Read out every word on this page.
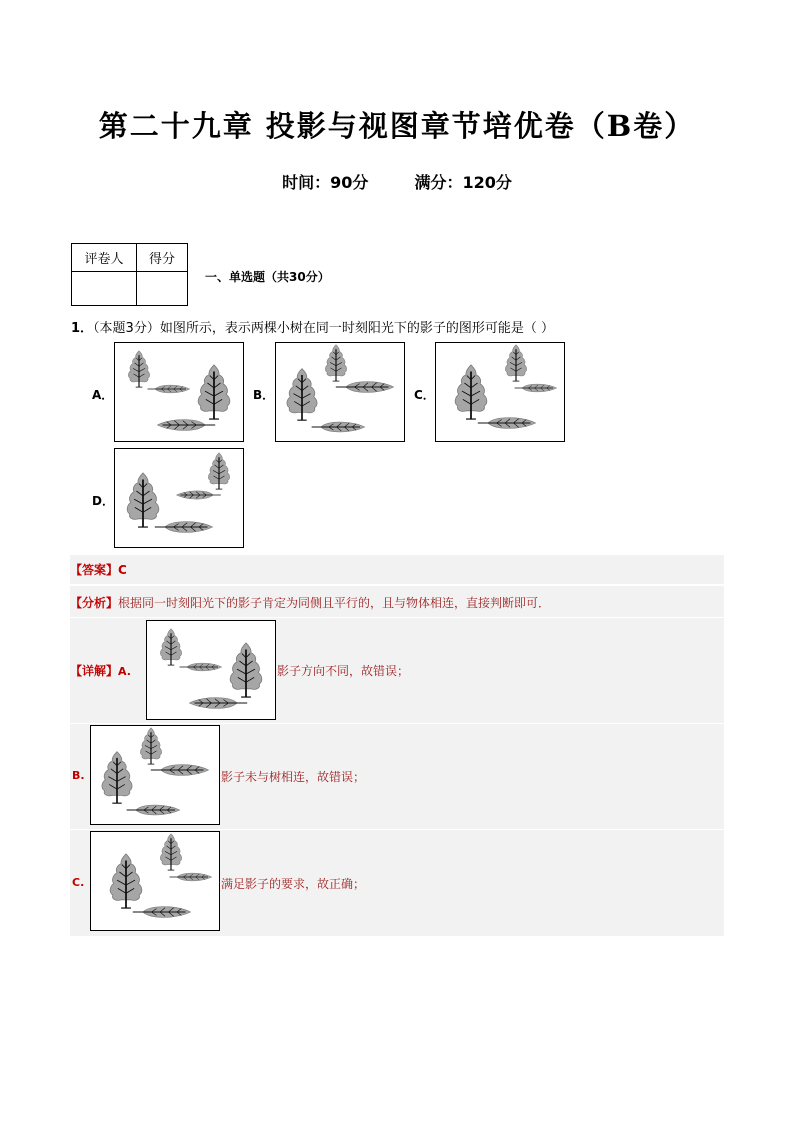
第二十九章 投影与视图章节培优卷（B卷）
时间：90分	满分：120分
评卷人	得分

一、单选题（共30分）
1．（本题3分）如图所示，表示两棵小树在同一时刻阳光下的影子的图形可能是（ ）
A．	B．	C．
D．
【答案】C
【分析】根据同一时刻阳光下的影子肯定为同侧且平行的，且与物体相连，直接判断即可．
【详解】A.	影子方向不同，故错误；
B.	影子未与树相连，故错误；
C.	满足影子的要求，故正确；
